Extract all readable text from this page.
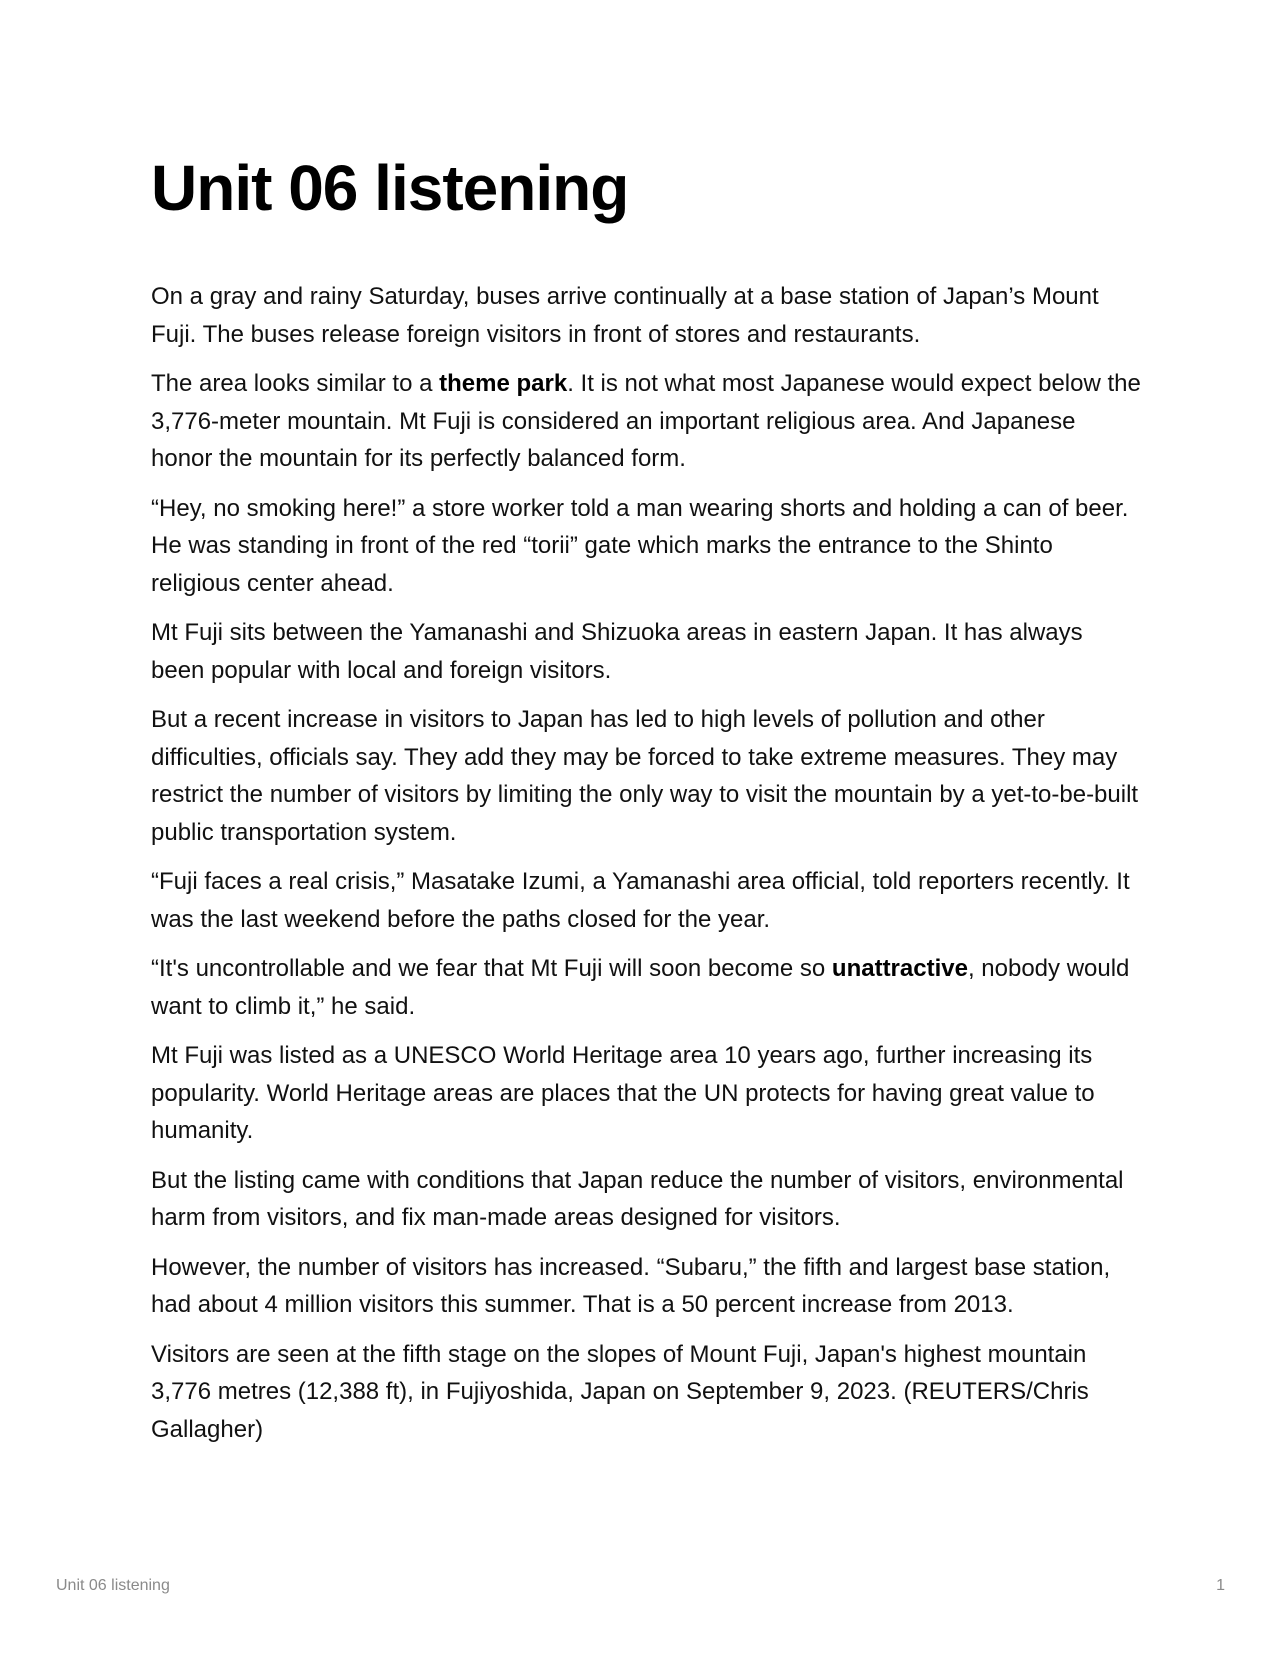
Unit 06 listening

On a gray and rainy Saturday, buses arrive continually at a base station of Japan’s Mount Fuji. The buses release foreign visitors in front of stores and restaurants.

The area looks similar to a theme park. It is not what most Japanese would expect below the 3,776-meter mountain. Mt Fuji is considered an important religious area. And Japanese honor the mountain for its perfectly balanced form.

“Hey, no smoking here!” a store worker told a man wearing shorts and holding a can of beer. He was standing in front of the red “torii” gate which marks the entrance to the Shinto religious center ahead.

Mt Fuji sits between the Yamanashi and Shizuoka areas in eastern Japan. It has always been popular with local and foreign visitors.

But a recent increase in visitors to Japan has led to high levels of pollution and other difficulties, officials say. They add they may be forced to take extreme measures. They may restrict the number of visitors by limiting the only way to visit the mountain by a yet-to-be-built public transportation system.

“Fuji faces a real crisis,” Masatake Izumi, a Yamanashi area official, told reporters recently. It was the last weekend before the paths closed for the year.

“It's uncontrollable and we fear that Mt Fuji will soon become so unattractive, nobody would want to climb it,” he said.

Mt Fuji was listed as a UNESCO World Heritage area 10 years ago, further increasing its popularity. World Heritage areas are places that the UN protects for having great value to humanity.

But the listing came with conditions that Japan reduce the number of visitors, environmental harm from visitors, and fix man-made areas designed for visitors.

However, the number of visitors has increased. “Subaru,” the fifth and largest base station, had about 4 million visitors this summer. That is a 50 percent increase from 2013.

Visitors are seen at the fifth stage on the slopes of Mount Fuji, Japan's highest mountain 3,776 metres (12,388 ft), in Fujiyoshida, Japan on September 9, 2023. (REUTERS/Chris Gallagher)

Unit 06 listening	1
